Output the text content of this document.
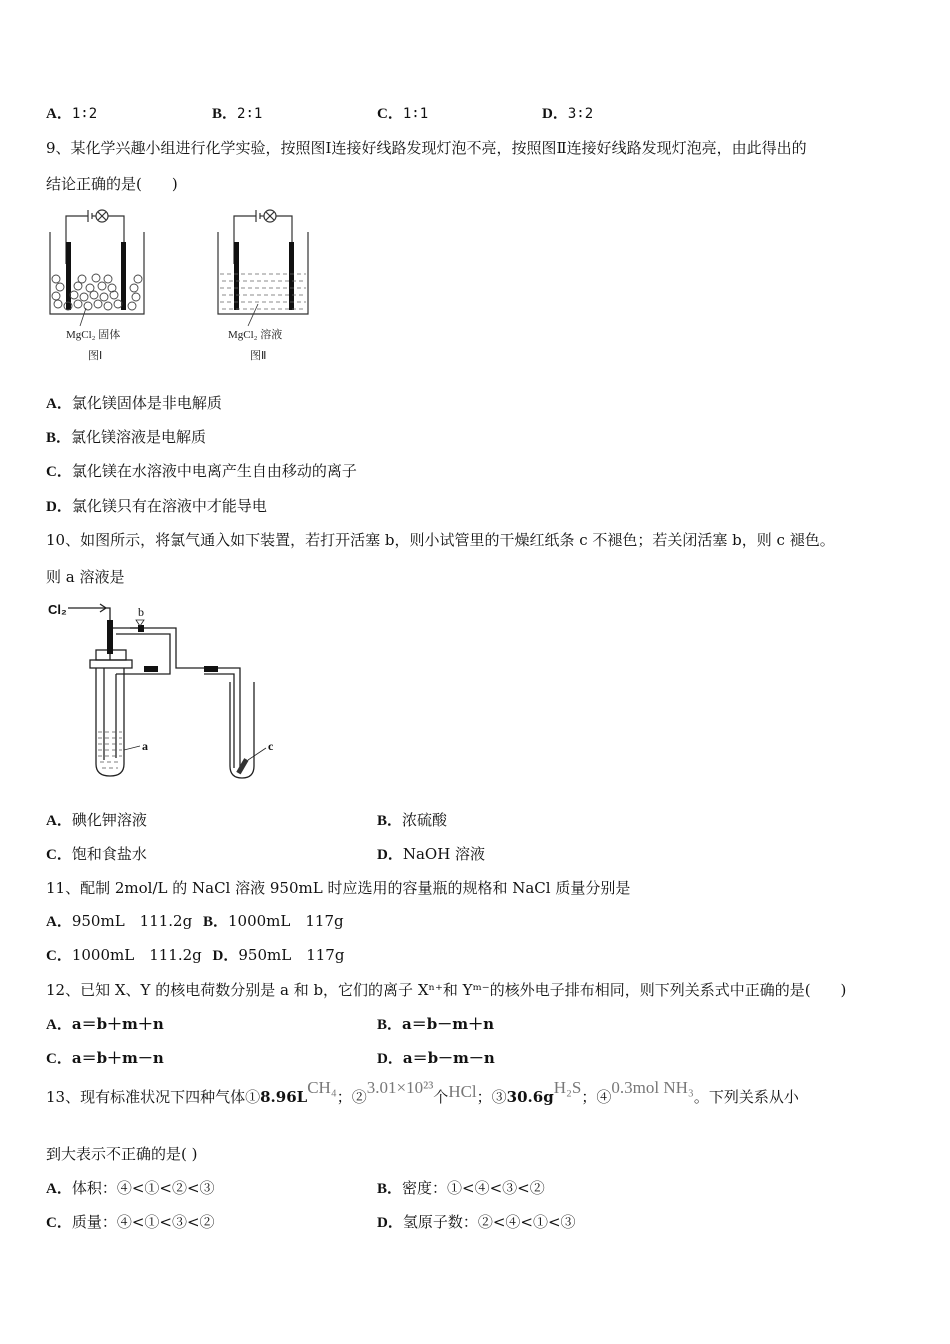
A．1∶2	B．2∶1	C．1∶1	D．3∶2
9、某化学兴趣小组进行化学实验，按照图Ⅰ连接好线路发现灯泡不亮，按照图Ⅱ连接好线路发现灯泡亮，由此得出的
结论正确的是(　　)
MgCl₂ 固体
图Ⅰ
MgCl₂ 溶液
图Ⅱ
A．氯化镁固体是非电解质
B．氯化镁溶液是电解质
C．氯化镁在水溶液中电离产生自由移动的离子
D．氯化镁只有在溶液中才能导电
10、如图所示，将氯气通入如下装置，若打开活塞 b，则小试管里的干燥红纸条 c 不褪色；若关闭活塞 b，则 c 褪色。
则 a 溶液是
Cl₂	b
a	c
A．碘化钾溶液	B．浓硫酸
C．饱和食盐水	D．NaOH 溶液
11、配制 2mol/L 的 NaCl 溶液 950mL 时应选用的容量瓶的规格和 NaCl 质量分别是
A．950mL　111.2g B．1000mL　117g
C．1000mL　111.2g D．950mL　117g
12、已知 X、Y 的核电荷数分别是 a 和 b，它们的离子 Xⁿ⁺和 Yᵐ⁻的核外电子排布相同，则下列关系式中正确的是(　　)
A．a＝b＋m＋n	B．a＝b－m＋n
C．a＝b＋m－n	D．a＝b－m－n
13、现有标准状况下四种气体①8.96LCH₄；②3.01×10²³个HCl；③30.6gH₂S；④0.3mol NH₃。下列关系从小
到大表示不正确的是( )
A．体积：④<①<②<③	B．密度：①<④<③<②
C．质量：④<①<③<②	D．氢原子数：②<④<①<③
